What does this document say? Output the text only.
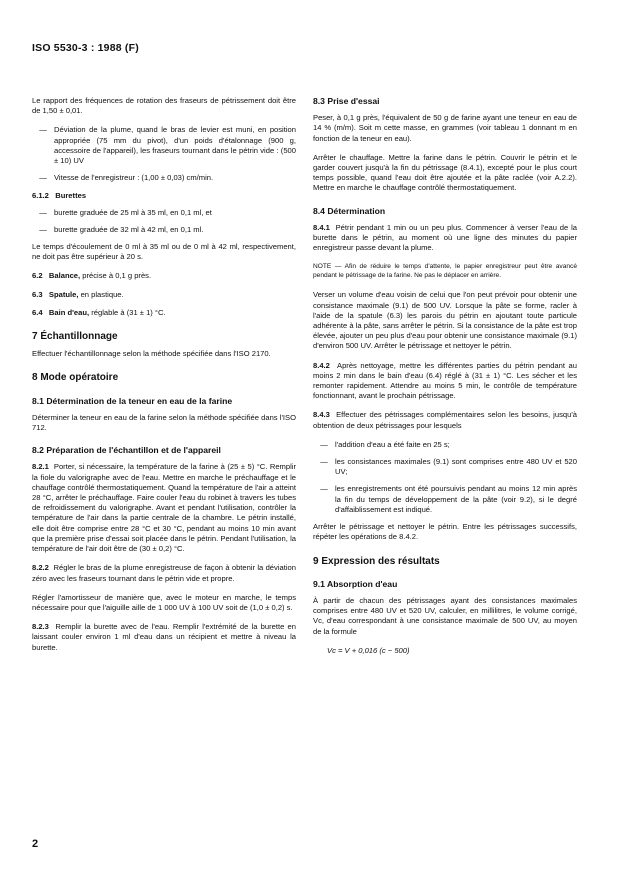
ISO 5530-3 : 1988 (F)

Le rapport des fréquences de rotation des fraseurs de pétrissement doit être de 1,50 ± 0,01.

— Déviation de la plume, quand le bras de levier est muni, en position appropriée (75 mm du pivot), d'un poids d'étalonnage (900 g, accessoire de l'appareil), les fraseurs tournant dans le pétrin vide : (500 ± 10) UV
— Vitesse de l'enregistreur : (1,00 ± 0,03) cm/min.
6.1.2 Burettes
— burette graduée de 25 ml à 35 ml, en 0,1 ml, et
— burette graduée de 32 ml à 42 ml, en 0,1 ml.

Le temps d'écoulement de 0 ml à 35 ml ou de 0 ml à 42 ml, respectivement, ne doit pas être supérieur à 20 s.

6.2 Balance, précise à 0,1 g près.
6.3 Spatule, en plastique.
6.4 Bain d'eau, réglable à (31 ± 1) °C.
7 Échantillonnage

Effectuer l'échantillonnage selon la méthode spécifiée dans l'ISO 2170.

8 Mode opératoire
8.1 Détermination de la teneur en eau de la farine

Déterminer la teneur en eau de la farine selon la méthode spécifiée dans l'ISO 712.

8.2 Préparation de l'échantillon et de l'appareil

8.2.1 Porter, si nécessaire, la température de la farine à (25 ± 5) °C. Remplir la fiole du valorigraphe avec de l'eau. Mettre en marche le préchauffage et le chauffage contrôlé thermostatiquement. Quand la température de l'air a atteint 28 °C, arrêter le préchauffage. Faire couler l'eau du robinet à travers les tubes de refroidissement du valorigraphe. Avant et pendant l'utilisation, contrôler la température de l'air dans la partie centrale de la chambre. Le pétrin installé, elle doit être comprise entre 28 °C et 30 °C, pendant au moins 10 min avant que la première prise d'essai soit placée dans le pétrin. Pendant l'utilisation, la température de l'air doit être de (30 ± 0,2) °C.

8.2.2 Régler le bras de la plume enregistreuse de façon à obtenir la déviation zéro avec les fraseurs tournant dans le pétrin vide et propre.

Régler l'amortisseur de manière que, avec le moteur en marche, le temps nécessaire pour que l'aiguille aille de 1 000 UV à 100 UV soit de (1,0 ± 0,2) s.

8.2.3 Remplir la burette avec de l'eau. Remplir l'extrémité de la burette en laissant couler environ 1 ml d'eau dans un récipient et mettre à niveau la burette.

8.3 Prise d'essai

Peser, à 0,1 g près, l'équivalent de 50 g de farine ayant une teneur en eau de 14 % (m/m). Soit m cette masse, en grammes (voir tableau 1 donnant m en fonction de la teneur en eau).

Arrêter le chauffage. Mettre la farine dans le pétrin. Couvrir le pétrin et le garder couvert jusqu'à la fin du pétrissage (8.4.1), excepté pour le plus court temps possible, quand l'eau doit être ajoutée et la pâte raclée (voir A.2.2). Mettre en marche le chauffage contrôlé thermostatiquement.

8.4 Détermination

8.4.1 Pétrir pendant 1 min ou un peu plus. Commencer à verser l'eau de la burette dans le pétrin, au moment où une ligne des minutes du papier enregistreur passe devant la plume.

NOTE — Afin de réduire le temps d'attente, le papier enregistreur peut être avancé pendant le pétrissage de la farine. Ne pas le déplacer en arrière.

Verser un volume d'eau voisin de celui que l'on peut prévoir pour obtenir une consistance maximale (9.1) de 500 UV. Lorsque la pâte se forme, racler à l'aide de la spatule (6.3) les parois du pétrin en ajoutant toute particule adhérente à la pâte, sans arrêter le pétrin. Si la consistance de la pâte est trop élevée, ajouter un peu plus d'eau pour obtenir une consistance maximale (9.1) d'environ 500 UV. Arrêter le pétrissage et nettoyer le pétrin.

8.4.2 Après nettoyage, mettre les différentes parties du pétrin pendant au moins 2 min dans le bain d'eau (6.4) réglé à (31 ± 1) °C. Les sécher et les remonter rapidement. Attendre au moins 5 min, le contrôle de température fonctionnant, avant le prochain pétrissage.

8.4.3 Effectuer des pétrissages complémentaires selon les besoins, jusqu'à obtention de deux pétrissages pour lesquels

— l'addition d'eau a été faite en 25 s;
— les consistances maximales (9.1) sont comprises entre 480 UV et 520 UV;
— les enregistrements ont été poursuivis pendant au moins 12 min après la fin du temps de développement de la pâte (voir 9.2), si le degré d'affaiblissement est indiqué.

Arrêter le pétrissage et nettoyer le pétrin. Entre les pétrissages successifs, répéter les opérations de 8.4.2.

9 Expression des résultats
9.1 Absorption d'eau

À partir de chacun des pétrissages ayant des consistances maximales comprises entre 480 UV et 520 UV, calculer, en millilitres, le volume corrigé, Vc, d'eau correspondant à une consistance maximale de 500 UV, au moyen de la formule

Vc = V + 0,016 (c − 500)

2
